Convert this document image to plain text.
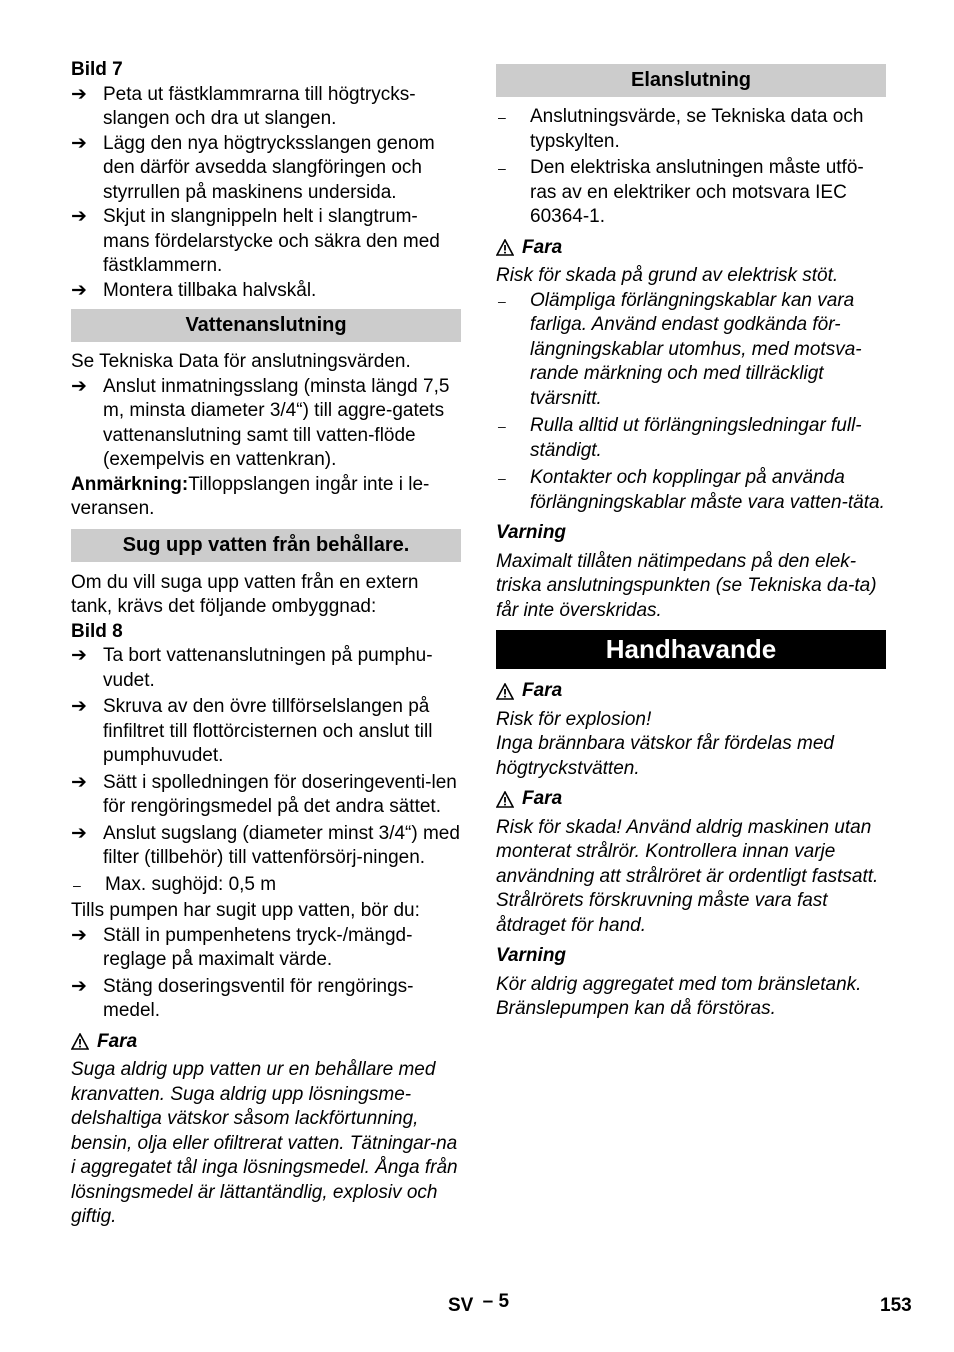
Bild 7

➔ Peta ut fästklammrarna till högtrycks-slangen och dra ut slangen.
➔ Lägg den nya högtrycksslangen genom den därför avsedda slangföringen och styrrullen på maskinens undersida.
➔ Skjut in slangnippeln helt i slangtrum-mans fördelarstycke och säkra den med fästklammern.
➔ Montera tillbaka halvskål.
Vattenanslutning

Se Tekniska Data för anslutningsvärden.

➔ Anslut inmatningsslang (minsta längd 7,5 m, minsta diameter 3/4“) till aggre-gatets vattenanslutning samt till vatten-flöde (exempelvis en vattenkran).

Anmärkning:Tilloppslangen ingår inte i le-veransen.

Sug upp vatten från behållare.

Om du vill suga upp vatten från en extern tank, krävs det följande ombyggnad:

Bild 8

➔ Ta bort vattenanslutningen på pumphu-vudet.
➔ Skruva av den övre tillförselslangen på finfiltret till flottörcisternen och anslut till pumphuvudet.
➔ Sätt i spolledningen för doseringeventi-len för rengöringsmedel på det andra sättet.
➔ Anslut sugslang (diameter minst 3/4“) med filter (tillbehör) till vattenförsörj-ningen.
–	Max. sughöjd: 0,5 m

Tills pumpen har sugit upp vatten, bör du:

➔ Ställ in pumpenhetens tryck-/mängd-reglage på maximalt värde.
➔ Stäng doseringsventil för rengörings-medel.
Fara

Suga aldrig upp vatten ur en behållare med kranvatten. Suga aldrig upp lösningsme-delshaltiga vätskor såsom lackförtunning, bensin, olja eller ofiltrerat vatten. Tätningar-na i aggregatet tål inga lösningsmedel. Ånga från lösningsmedel är lättantändlig, explosiv och giftig.

Elanslutning
–	Anslutningsvärde, se Tekniska data och typskylten.
–	Den elektriska anslutningen måste utfö-ras av en elektriker och motsvara IEC 60364-1.
Fara

Risk för skada på grund av elektrisk stöt.

–	Olämpliga förlängningskablar kan vara farliga. Använd endast godkända för-längningskablar utomhus, med motsva-rande märkning och med tillräckligt tvärsnitt.
–	Rulla alltid ut förlängningsledningar full-ständigt.
–	Kontakter och kopplingar på använda förlängningskablar måste vara vatten-täta.

Varning

Maximalt tillåten nätimpedans på den elek-triska anslutningspunkten (se Tekniska da-ta) får inte överskridas.

Handhavande
Fara

Risk för explosion!

Inga brännbara vätskor får fördelas med högtryckstvätten.

Fara

Risk för skada! Använd aldrig maskinen utan monterat strålrör. Kontrollera innan varje användning att strålröret är ordentligt fastsatt. Strålrörets förskruvning måste vara fast åtdraget för hand.

Varning

Kör aldrig aggregatet med tom bränsletank. Bränslepumpen kan då förstöras.

SV – 5	153
